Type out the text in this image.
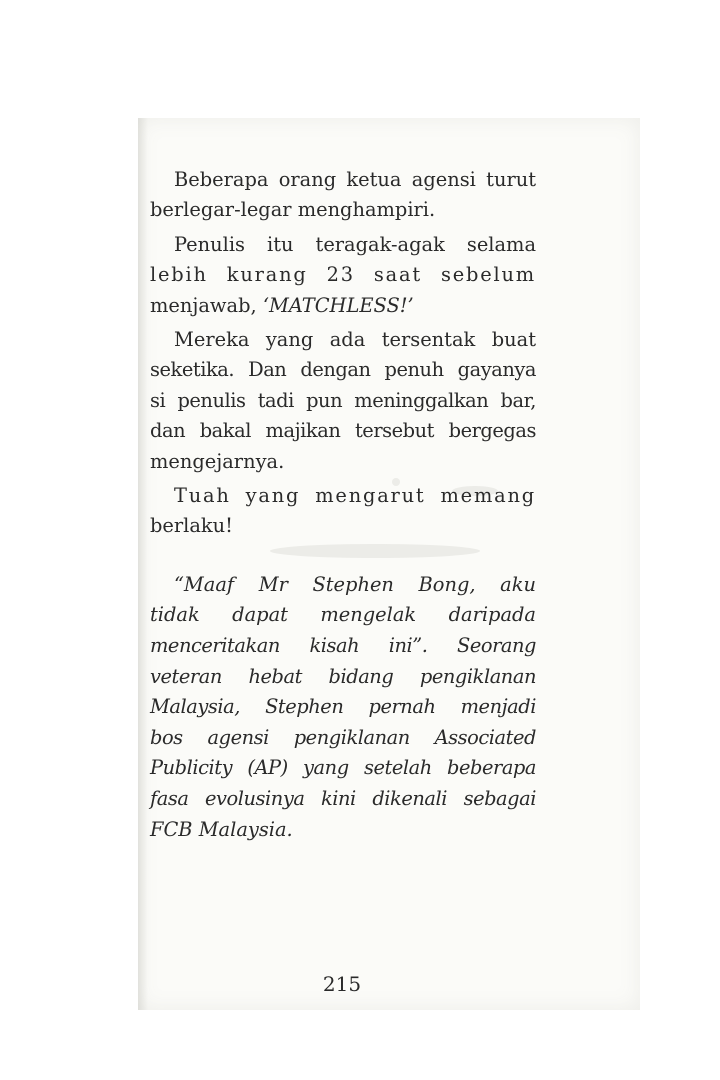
Beberapa orang ketua agensi turut
berlegar-legar menghampiri.
Penulis itu teragak-agak selama
lebih kurang 23 saat sebelum
menjawab, ‘MATCHLESS!’
Mereka yang ada tersentak buat
seketika. Dan dengan penuh gayanya
si penulis tadi pun meninggalkan bar,
dan bakal majikan tersebut bergegas
mengejarnya.
Tuah yang mengarut memang
berlaku!
“Maaf Mr Stephen Bong, aku
tidak dapat mengelak daripada
menceritakan kisah ini”. Seorang
veteran hebat bidang pengiklanan
Malaysia, Stephen pernah menjadi
bos agensi pengiklanan Associated
Publicity (AP) yang setelah beberapa
fasa evolusinya kini dikenali sebagai
FCB Malaysia.
215
